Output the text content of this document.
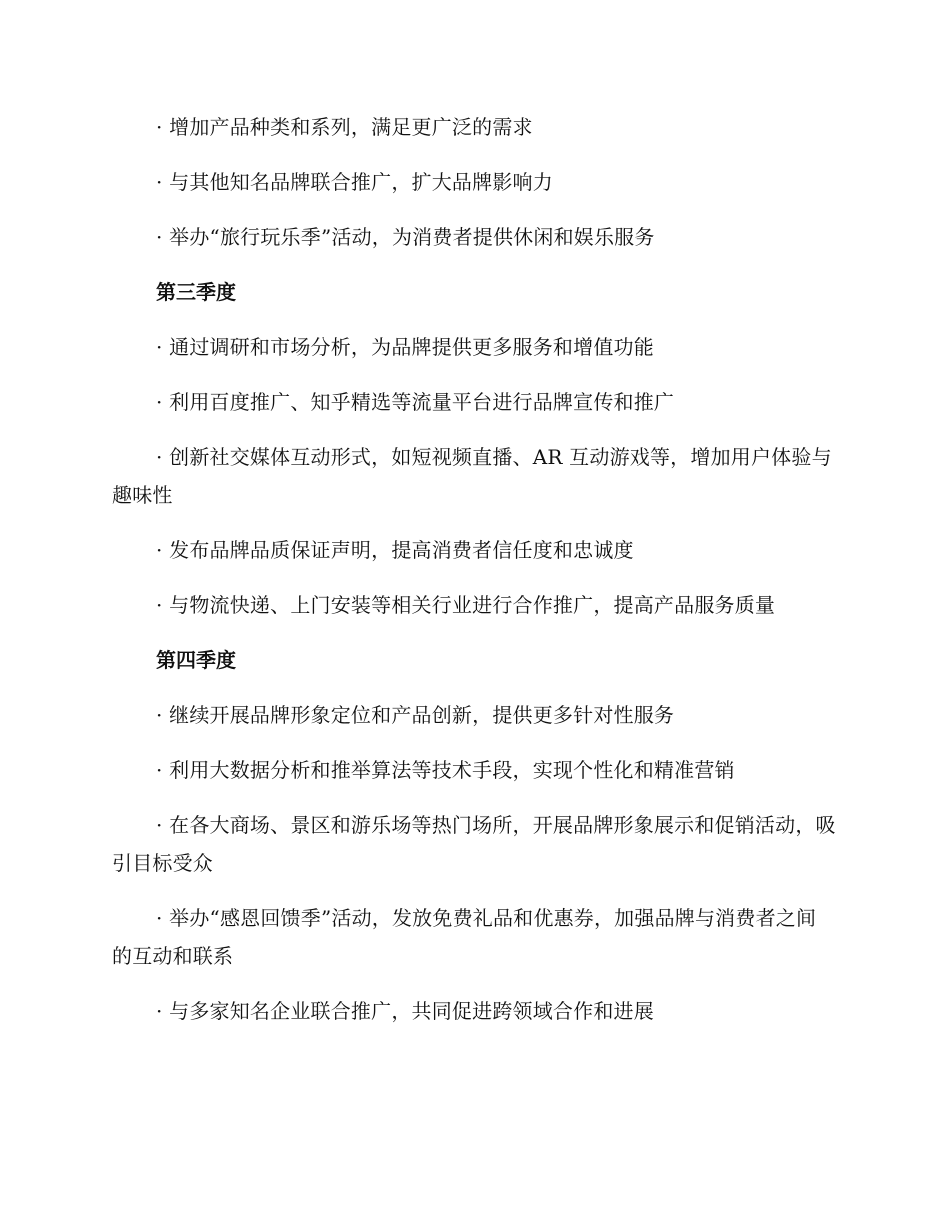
· 增加产品种类和系列，满足更广泛的需求

· 与其他知名品牌联合推广，扩大品牌影响力

· 举办“旅行玩乐季”活动，为消费者提供休闲和娱乐服务

第三季度

· 通过调研和市场分析，为品牌提供更多服务和增值功能

· 利用百度推广、知乎精选等流量平台进行品牌宣传和推广

· 创新社交媒体互动形式，如短视频直播、AR 互动游戏等，增加用户体验与趣味性

· 发布品牌品质保证声明，提高消费者信任度和忠诚度

· 与物流快递、上门安装等相关行业进行合作推广，提高产品服务质量

第四季度

· 继续开展品牌形象定位和产品创新，提供更多针对性服务

· 利用大数据分析和推举算法等技术手段，实现个性化和精准营销

· 在各大商场、景区和游乐场等热门场所，开展品牌形象展示和促销活动，吸引目标受众

· 举办“感恩回馈季”活动，发放免费礼品和优惠券，加强品牌与消费者之间的互动和联系

· 与多家知名企业联合推广，共同促进跨领域合作和进展
